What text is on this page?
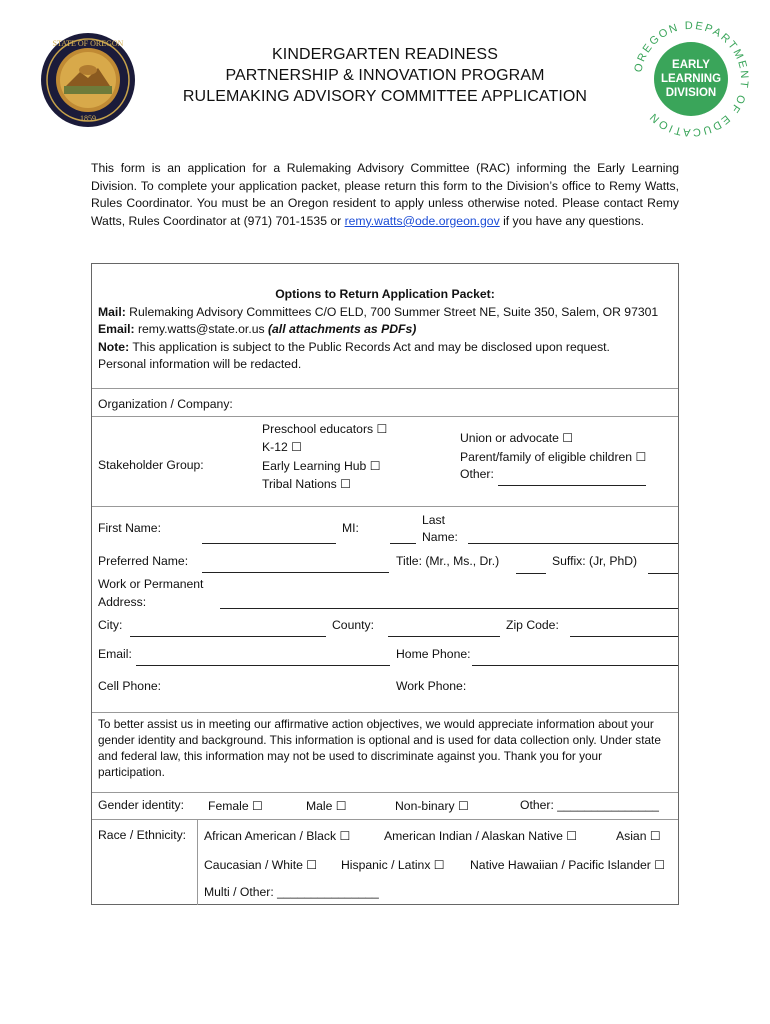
STATE OF OREGON
1859
KINDERGARTEN READINESS
PARTNERSHIP & INNOVATION PROGRAM
RULEMAKING ADVISORY COMMITTEE APPLICATION
OREGON DEPARTMENT OF EDUCATION
EARLY
LEARNING
DIVISION
This form is an application for a Rulemaking Advisory Committee (RAC) informing the Early Learning Division. To complete your application packet, please return this form to the Division’s office to Remy Watts, Rules Coordinator. You must be an Oregon resident to apply unless otherwise noted. Please contact Remy Watts, Rules Coordinator at (971) 701-1535 or remy.watts@ode.orgeon.gov if you have any questions.
Options to Return Application Packet:
Mail: Rulemaking Advisory Committees C/O ELD, 700 Summer Street NE, Suite 350, Salem, OR 97301
Email: remy.watts@state.or.us (all attachments as PDFs)
Note: This application is subject to the Public Records Act and may be disclosed upon request.
Personal information will be redacted.
Organization / Company:
Stakeholder Group:
Preschool educators ☐
K-12 ☐
Early Learning Hub ☐
Tribal Nations ☐
Union or advocate ☐
Parent/family of eligible children ☐
Other:
First Name:	MI:
Last
Name:
Preferred Name:	Title: (Mr., Ms., Dr.)	Suffix: (Jr, PhD)
Work or Permanent
Address:
City:	County:	Zip Code:
Email:	Home Phone:
Cell Phone:	Work Phone:
To better assist us in meeting our affirmative action objectives, we would appreciate information about your gender identity and background. This information is optional and is used for data collection only. Under state and federal law, this information may not be used to discriminate against you. Thank you for your participation.
Gender identity: Female ☐	Male ☐	Non-binary ☐	Other: _______________
Race / Ethnicity: African American / Black ☐	American Indian / Alaskan Native ☐	Asian ☐
Caucasian / White ☐ Hispanic / Latinx ☐ Native Hawaiian / Pacific Islander ☐
Multi / Other: _______________
